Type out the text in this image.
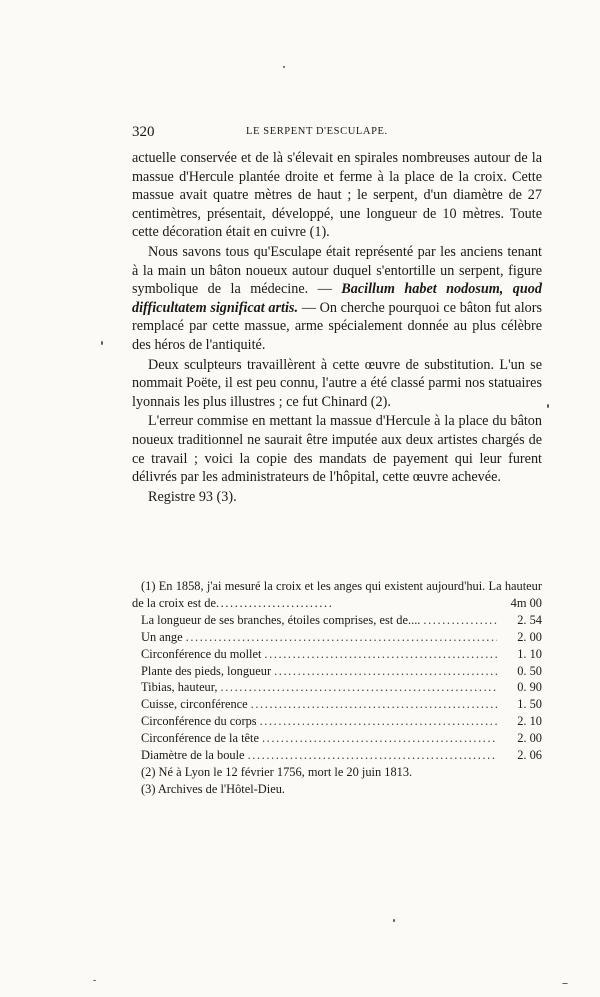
320	LE SERPENT D'ESCULAPE.

actuelle conservée et de là s'élevait en spirales nombreuses autour de la massue d'Hercule plantée droite et ferme à la place de la croix. Cette massue avait quatre mètres de haut ; le serpent, d'un diamètre de 27 centimètres, présentait, développé, une longueur de 10 mètres. Toute cette décoration était en cuivre (1).

Nous savons tous qu'Esculape était représenté par les anciens tenant à la main un bâton noueux autour duquel s'entortille un serpent, figure symbolique de la médecine. — Bacillum habet nodosum, quod difficultatem significat artis. — On cherche pourquoi ce bâton fut alors remplacé par cette massue, arme spécialement donnée au plus célèbre des héros de l'antiquité.

Deux sculpteurs travaillèrent à cette œuvre de substitution. L'un se nommait Poëte, il est peu connu, l'autre a été classé parmi nos statuaires lyonnais les plus illustres ; ce fut Chinard (2).

L'erreur commise en mettant la massue d'Hercule à la place du bâton noueux traditionnel ne saurait être imputée aux deux artistes chargés de ce travail ; voici la copie des mandats de payement qui leur furent délivrés par les administrateurs de l'hôpital, cette œuvre achevée.

Registre 93 (3).

(1) En 1858, j'ai mesuré la croix et les anges qui existent aujourd'hui. La hauteur de la croix est de.........................	4m 00
La longueur de ses branches, étoiles comprises, est de.... .....	2. 54
Un ange .....	2. 00
Circonférence du mollet .....	1. 10
Plante des pieds, longueur .....	0. 50
Tibias, hauteur, .....	0. 90
Cuisse, circonférence .....	1. 50
Circonférence du corps .....	2. 10
Circonférence de la tête .....	2. 00
Diamètre de la boule .....	2. 06

(2) Né à Lyon le 12 février 1756, mort le 20 juin 1813.

(3) Archives de l'Hôtel-Dieu.
